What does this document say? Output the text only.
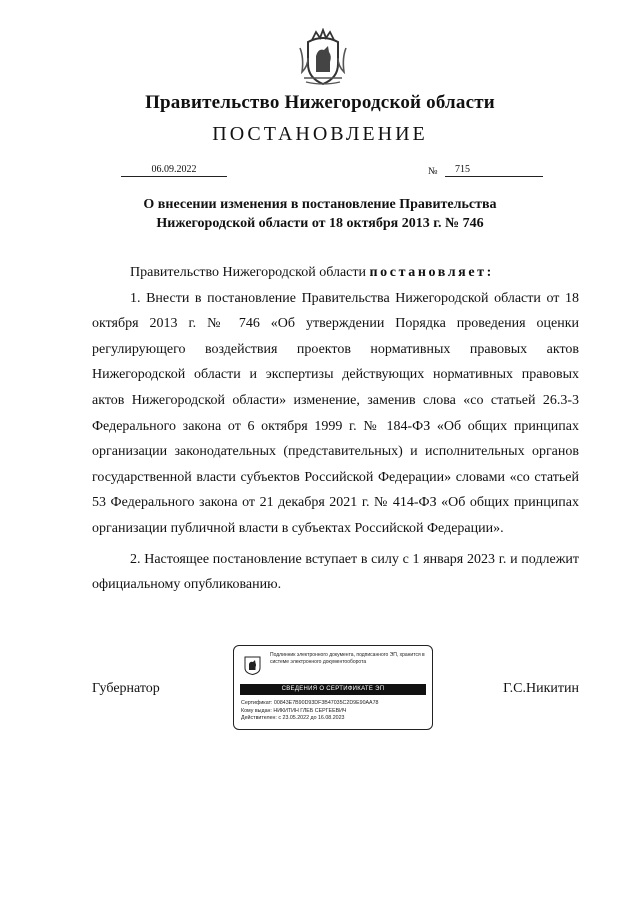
Правительство Нижегородской области
ПОСТАНОВЛЕНИЕ
06.09.2022	№	715
О внесении изменения в постановление Правительства
Нижегородской области от 18 октября 2013 г. № 746

Правительство Нижегородской области постановляет:

1. Внести в постановление Правительства Нижегородской области от 18 октября 2013 г. № 746 «Об утверждении Порядка проведения оценки регулирующего воздействия проектов нормативных правовых актов Нижегородской области и экспертизы действующих нормативных правовых актов Нижегородской области» изменение, заменив слова «со статьей 26.3-3 Федерального закона от 6 октября 1999 г. № 184-ФЗ «Об общих принципах организации законодательных (представительных) и исполнительных органов государственной власти субъектов Российской Федерации» словами «со статьей 53 Федерального закона от 21 декабря 2021 г. № 414-ФЗ «Об общих принципах организации публичной власти в субъектах Российской Федерации».

2. Настоящее постановление вступает в силу с 1 января 2023 г. и подлежит официальному опубликованию.

Губернатор
Подлинник электронного документа, подписанного ЭП, хранится в системе электронного документооборота
СВЕДЕНИЯ О СЕРТИФИКАТЕ ЭП
Сертификат: 00843E7B90D93DF3B47035C2D9E90AA78
Кому выдан: НИКИТИН ГЛЕБ СЕРГЕЕВИЧ
Действителен: с 23.05.2022 до 16.08.2023
Г.С.Никитин
